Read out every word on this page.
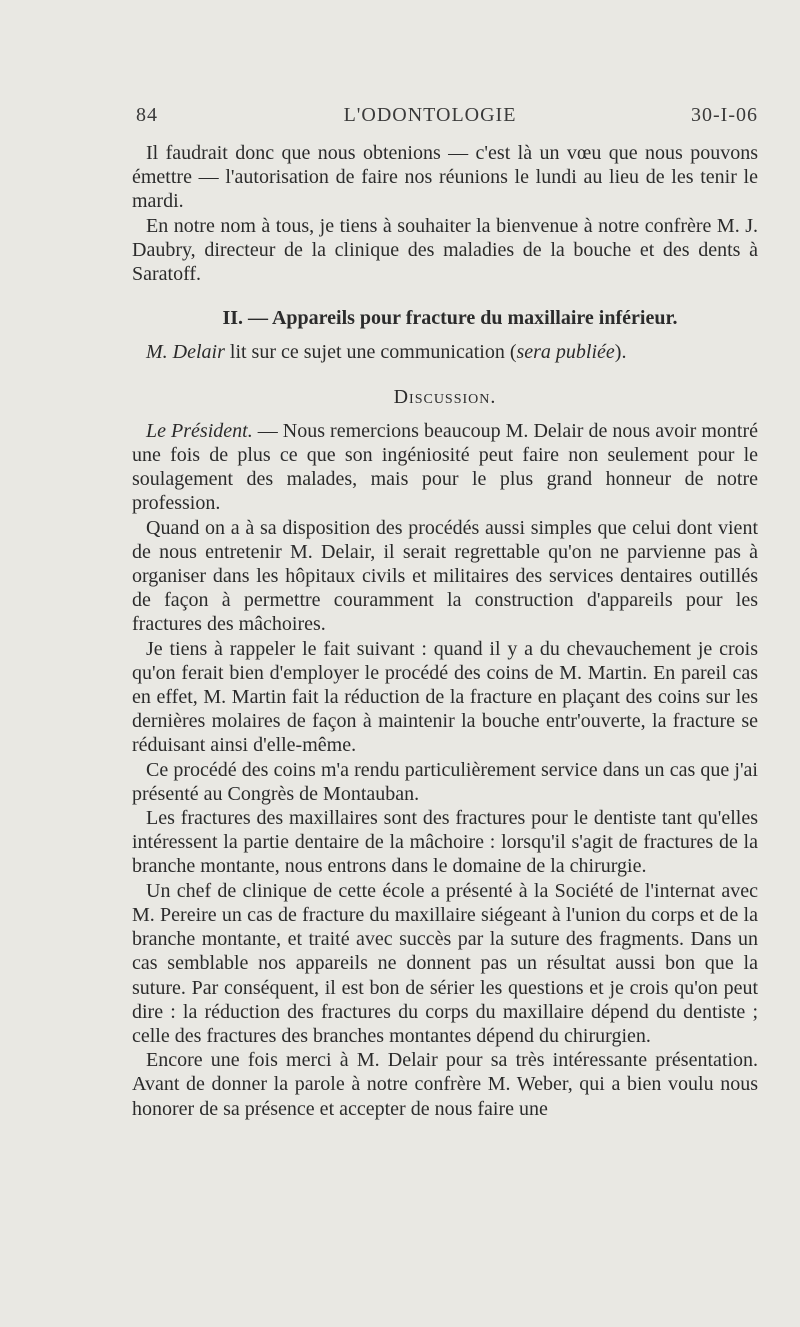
84	L'ODONTOLOGIE	30-I-06

Il faudrait donc que nous obtenions — c'est là un vœu que nous pouvons émettre — l'autorisation de faire nos réunions le lundi au lieu de les tenir le mardi.

En notre nom à tous, je tiens à souhaiter la bienvenue à notre confrère M. J. Daubry, directeur de la clinique des maladies de la bouche et des dents à Saratoff.

II. — Appareils pour fracture du maxillaire inférieur.

M. Delair lit sur ce sujet une communication (sera publiée).

Discussion.

Le Président. — Nous remercions beaucoup M. Delair de nous avoir montré une fois de plus ce que son ingéniosité peut faire non seulement pour le soulagement des malades, mais pour le plus grand honneur de notre profession.

Quand on a à sa disposition des procédés aussi simples que celui dont vient de nous entretenir M. Delair, il serait regrettable qu'on ne parvienne pas à organiser dans les hôpitaux civils et militaires des services dentaires outillés de façon à permettre couramment la construction d'appareils pour les fractures des mâchoires.

Je tiens à rappeler le fait suivant : quand il y a du chevauchement je crois qu'on ferait bien d'employer le procédé des coins de M. Martin. En pareil cas en effet, M. Martin fait la réduction de la fracture en plaçant des coins sur les dernières molaires de façon à maintenir la bouche entr'ouverte, la fracture se réduisant ainsi d'elle-même.

Ce procédé des coins m'a rendu particulièrement service dans un cas que j'ai présenté au Congrès de Montauban.

Les fractures des maxillaires sont des fractures pour le dentiste tant qu'elles intéressent la partie dentaire de la mâchoire : lorsqu'il s'agit de fractures de la branche montante, nous entrons dans le domaine de la chirurgie.

Un chef de clinique de cette école a présenté à la Société de l'internat avec M. Pereire un cas de fracture du maxillaire siégeant à l'union du corps et de la branche montante, et traité avec succès par la suture des fragments. Dans un cas semblable nos appareils ne donnent pas un résultat aussi bon que la suture. Par conséquent, il est bon de sérier les questions et je crois qu'on peut dire : la réduction des fractures du corps du maxillaire dépend du dentiste ; celle des fractures des branches montantes dépend du chirurgien.

Encore une fois merci à M. Delair pour sa très intéressante présentation. Avant de donner la parole à notre confrère M. Weber, qui a bien voulu nous honorer de sa présence et accepter de nous faire une
